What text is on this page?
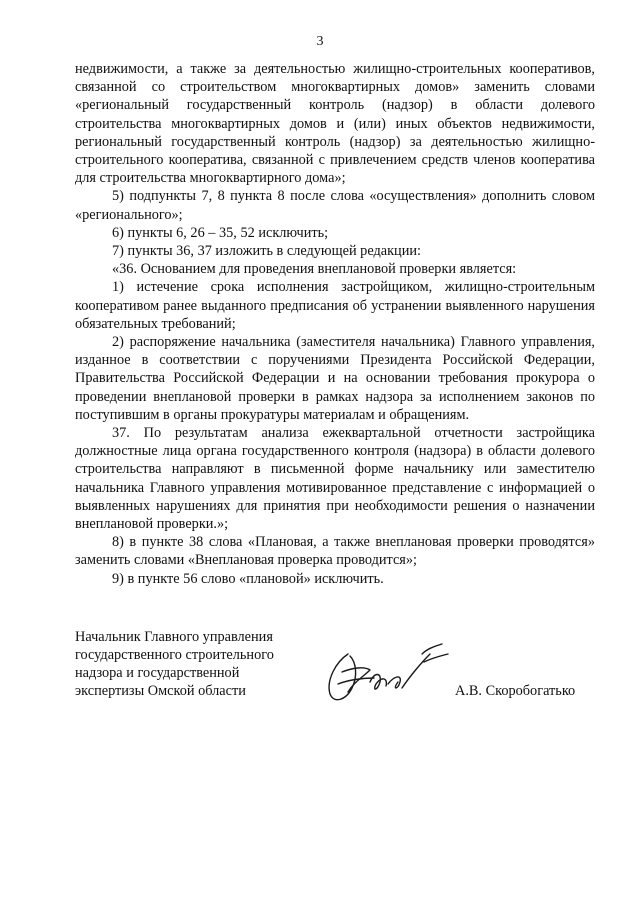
3

недвижимости, а также за деятельностью жилищно-строительных кооперативов, связанной со строительством многоквартирных домов» заменить словами «региональный государственный контроль (надзор) в области долевого строительства многоквартирных домов и (или) иных объектов недвижимости, региональный государственный контроль (надзор) за деятельностью жилищно-строительного кооператива, связанной с привлечением средств членов кооператива для строительства многоквартирного дома»;

5) подпункты 7, 8 пункта 8 после слова «осуществления» дополнить словом «регионального»;

6) пункты 6, 26 – 35, 52 исключить;

7) пункты 36, 37 изложить в следующей редакции:

«36. Основанием для проведения внеплановой проверки является:

1) истечение срока исполнения застройщиком, жилищно-строительным кооперативом ранее выданного предписания об устранении выявленного нарушения обязательных требований;

2) распоряжение начальника (заместителя начальника) Главного управления, изданное в соответствии с поручениями Президента Российской Федерации, Правительства Российской Федерации и на основании требования прокурора о проведении внеплановой проверки в рамках надзора за исполнением законов по поступившим в органы прокуратуры материалам и обращениям.

37. По результатам анализа ежеквартальной отчетности застройщика должностные лица органа государственного контроля (надзора) в области долевого строительства направляют в письменной форме начальнику или заместителю начальника Главного управления мотивированное представление с информацией о выявленных нарушениях для принятия при необходимости решения о назначении внеплановой проверки.»;

8) в пункте 38 слова «Плановая, а также внеплановая проверки проводятся» заменить словами «Внеплановая проверка проводится»;

9) в пункте 56 слово «плановой» исключить.

Начальник Главного управления
государственного строительного
надзора и государственной
экспертизы Омской области	А.В. Скоробогатько
